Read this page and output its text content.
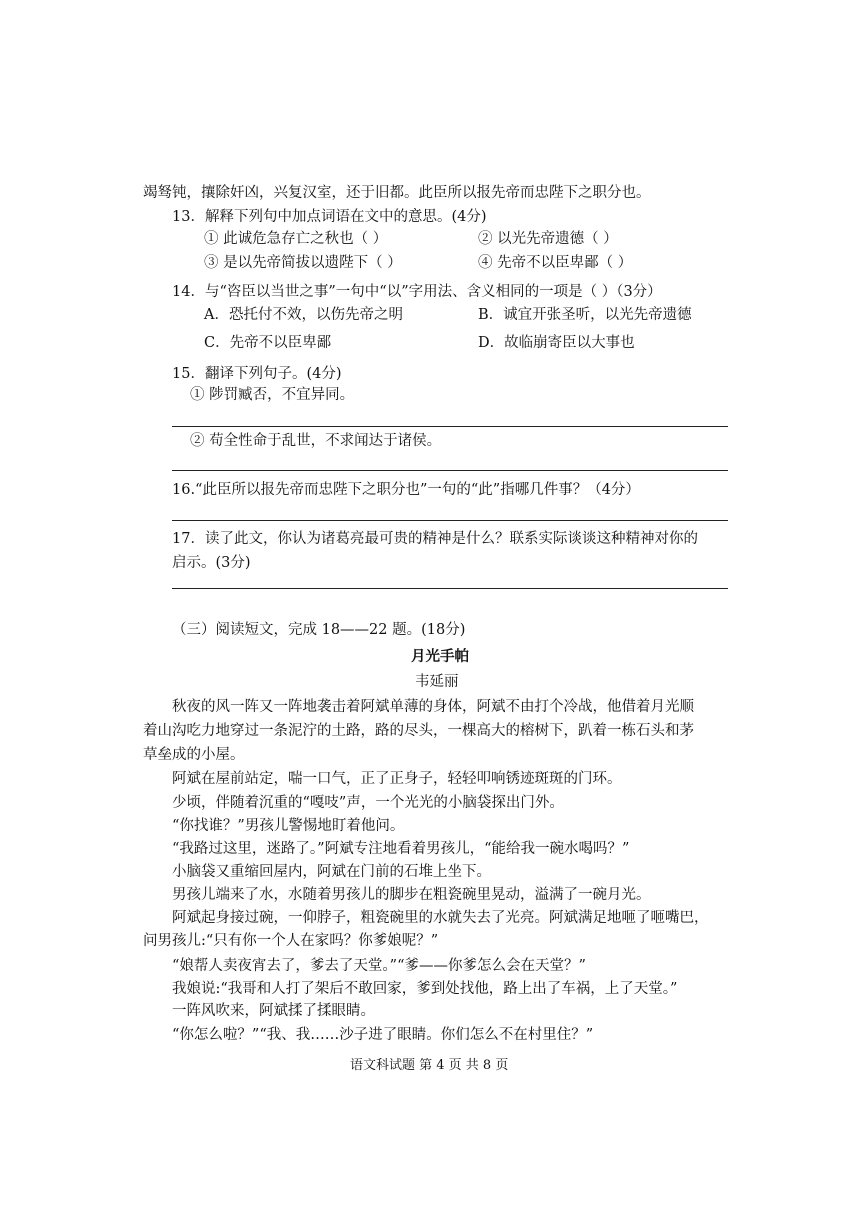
竭驽钝，攘除奸凶，兴复汉室，还于旧都。此臣所以报先帝而忠陛下之职分也。
13．解释下列句中加点词语在文中的意思。(4分)
① 此诚危急存亡之秋也（ ）	② 以光先帝遗德（ ）
③ 是以先帝简拔以遗陛下（ ）	④ 先帝不以臣卑鄙（ ）
14．与“咨臣以当世之事”一句中“以”字用法、含义相同的一项是（ ）（3分）
A．恐托付不效，以伤先帝之明	B．诚宜开张圣听，以光先帝遗德
C．先帝不以臣卑鄙	D．故临崩寄臣以大事也
15．翻译下列句子。(4分)
① 陟罚臧否，不宜异同。
② 苟全性命于乱世，不求闻达于诸侯。
16.“此臣所以报先帝而忠陛下之职分也”一句的“此”指哪几件事？（4分）
17．读了此文，你认为诸葛亮最可贵的精神是什么？联系实际谈谈这种精神对你的
启示。(3分)
（三）阅读短文，完成 18——22 题。(18分)
月光手帕
韦延丽
秋夜的风一阵又一阵地袭击着阿斌单薄的身体，阿斌不由打个冷战，他借着月光顺
着山沟吃力地穿过一条泥泞的土路，路的尽头，一棵高大的榕树下，趴着一栋石头和茅
草垒成的小屋。
阿斌在屋前站定，喘一口气，正了正身子，轻轻叩响锈迹斑斑的门环。
少顷，伴随着沉重的“嘎吱”声，一个光光的小脑袋探出门外。
“你找谁？”男孩儿警惕地盯着他问。
“我路过这里，迷路了。”阿斌专注地看着男孩儿，“能给我一碗水喝吗？”
小脑袋又重缩回屋内，阿斌在门前的石堆上坐下。
男孩儿端来了水，水随着男孩儿的脚步在粗瓷碗里晃动，溢满了一碗月光。
阿斌起身接过碗，一仰脖子，粗瓷碗里的水就失去了光亮。阿斌满足地咂了咂嘴巴，
问男孩儿:“只有你一个人在家吗？你爹娘呢？”
“娘帮人卖夜宵去了，爹去了天堂。”“爹——你爹怎么会在天堂？”
我娘说:“我哥和人打了架后不敢回家，爹到处找他，路上出了车祸，上了天堂。”
一阵风吹来，阿斌揉了揉眼睛。
“你怎么啦？”“我、我……沙子进了眼睛。你们怎么不在村里住？”
语文科试题 第 4 页 共 8 页
